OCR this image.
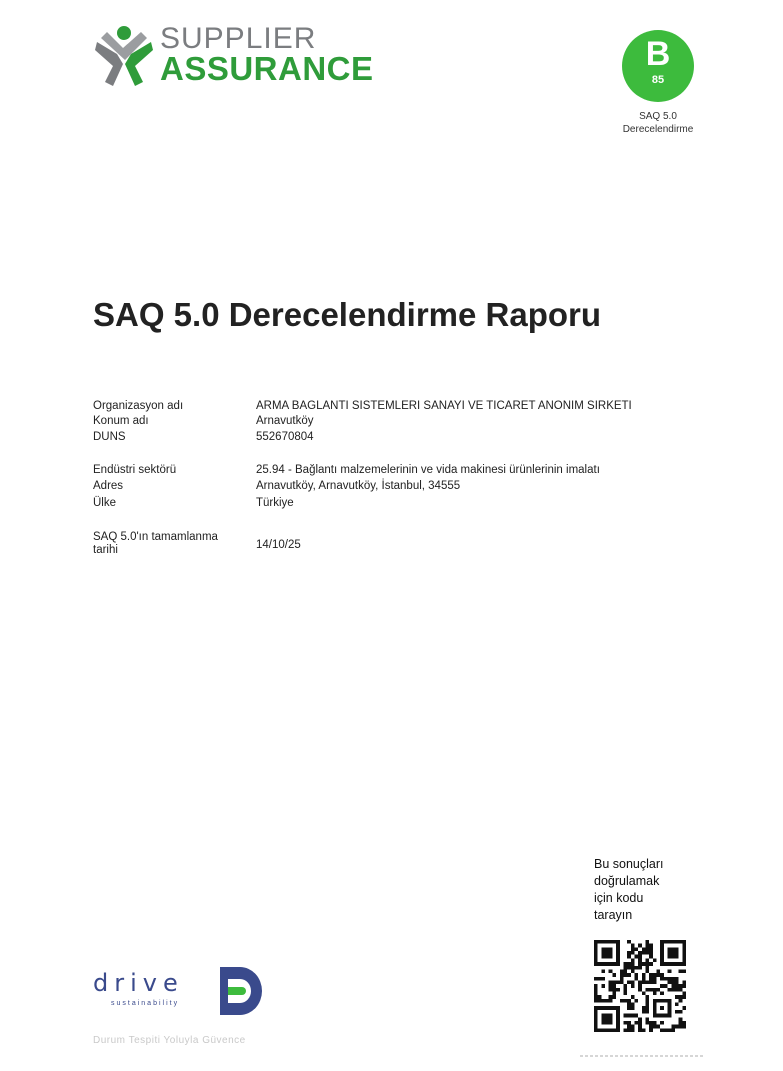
SUPPLIER
ASSURANCE	B
85
SAQ 5.0
Derecelendirme
SAQ 5.0 Derecelendirme Raporu
Organizasyon adı	ARMA BAGLANTI SISTEMLERI SANAYI VE TICARET ANONIM SIRKETI
Konum adı	Arnavutköy
DUNS	552670804
Endüstri sektörü	25.94 - Bağlantı malzemelerinin ve vida makinesi ürünlerinin imalatı
Adres	Arnavutköy, Arnavutköy, İstanbul, 34555
Ülke	Türkiye
SAQ 5.0'ın tamamlanma
tarihi	14/10/25
Bu sonuçları
doğrulamak
için kodu
tarayın
drive
sustainability
Durum Tespiti Yoluyla Güvence
